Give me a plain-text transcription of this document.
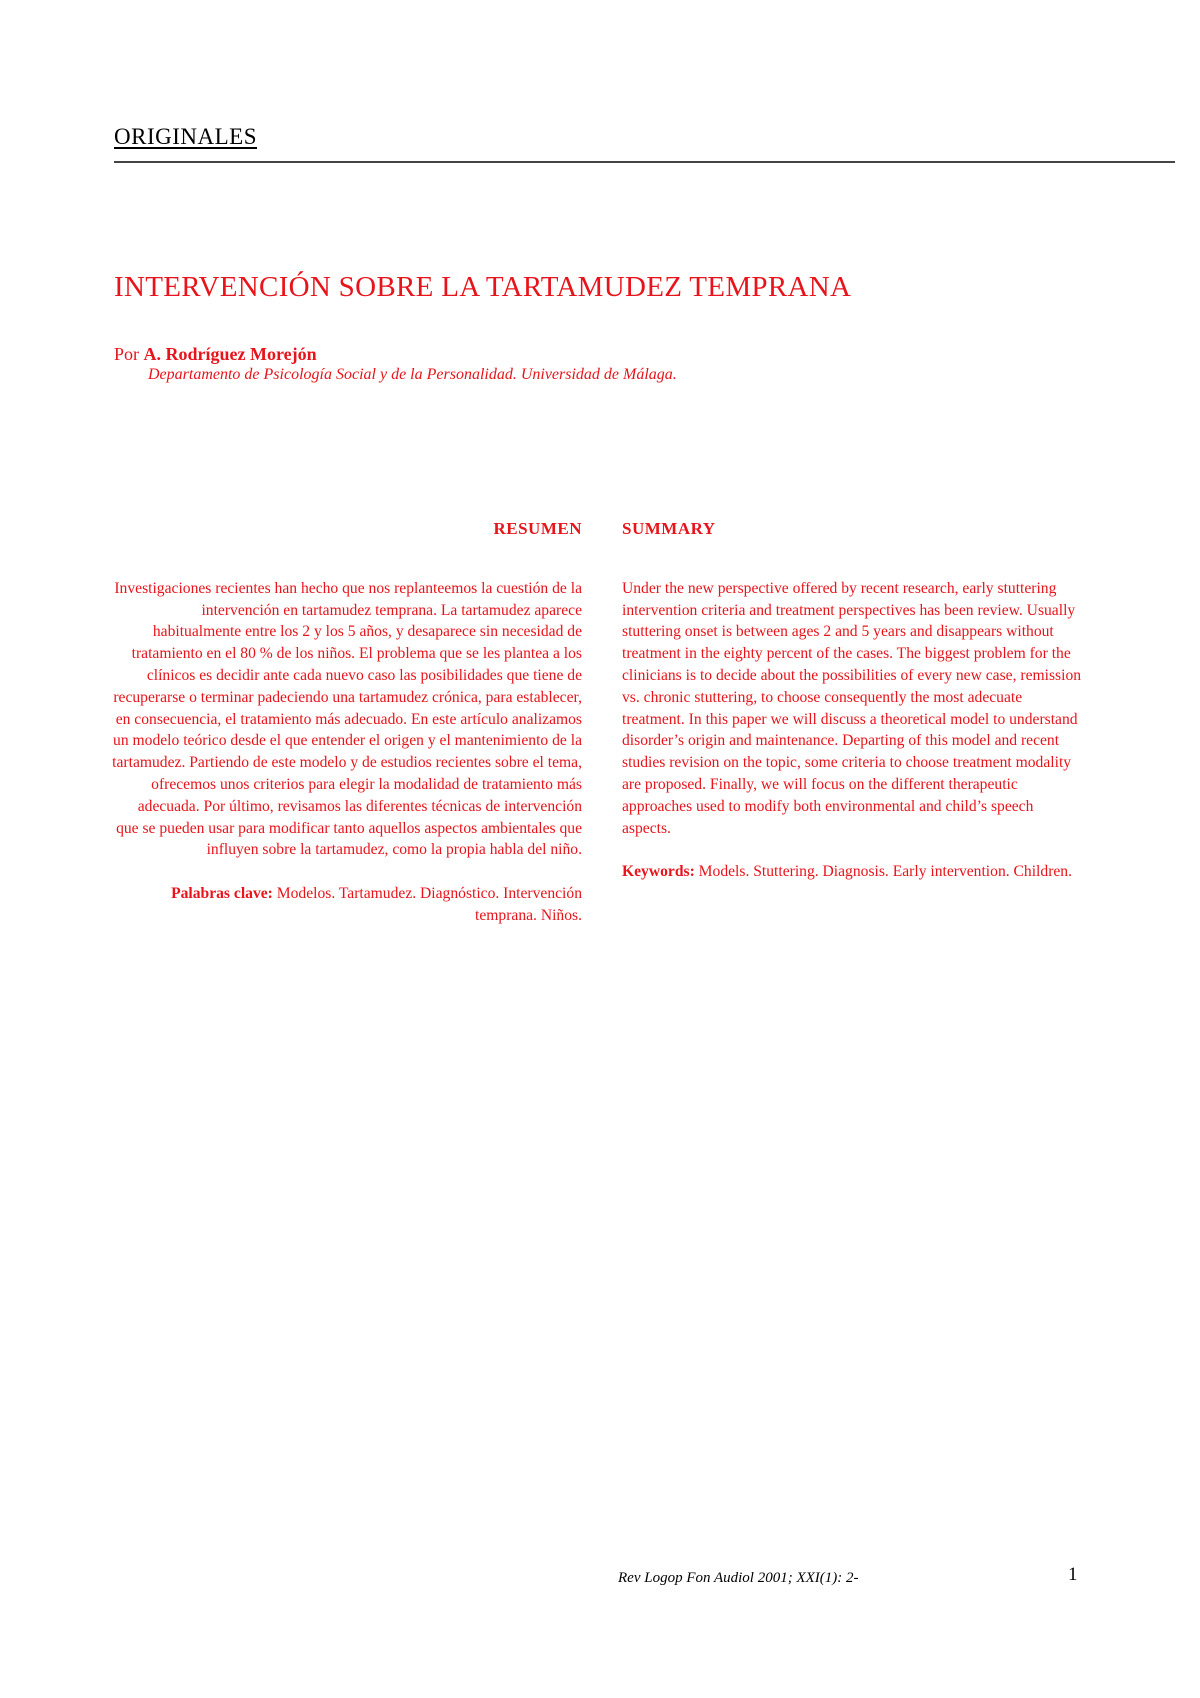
ORIGINALES
INTERVENCIÓN SOBRE LA TARTAMUDEZ TEMPRANA
Por A. Rodríguez Morejón
Departamento de Psicología Social y de la Personalidad. Universidad de Málaga.
RESUMEN

Investigaciones recientes han hecho que nos replanteemos la cuestión de la intervención en tartamudez temprana. La tartamudez aparece habitualmente entre los 2 y los 5 años, y desaparece sin necesidad de tratamiento en el 80 % de los niños. El problema que se les plantea a los clínicos es decidir ante cada nuevo caso las posibilidades que tiene de recuperarse o terminar padeciendo una tartamudez crónica, para establecer, en consecuencia, el tratamiento más adecuado. En este artículo analizamos un modelo teórico desde el que entender el origen y el mantenimiento de la tartamudez. Partiendo de este modelo y de estudios recientes sobre el tema, ofrecemos unos criterios para elegir la modalidad de tratamiento más adecuada. Por último, revisamos las diferentes técnicas de intervención que se pueden usar para modificar tanto aquellos aspectos ambientales que influyen sobre la tartamudez, como la propia habla del niño.

Palabras clave: Modelos. Tartamudez. Diagnóstico. Intervención temprana. Niños.

SUMMARY

Under the new perspective offered by recent research, early stuttering intervention criteria and treatment perspectives has been review. Usually stuttering onset is between ages 2 and 5 years and disappears without treatment in the eighty percent of the cases. The biggest problem for the clinicians is to decide about the possibilities of every new case, remission vs. chronic stuttering, to choose consequently the most adecuate treatment. In this paper we will discuss a theoretical model to understand disorder’s origin and maintenance. Departing of this model and recent studies revision on the topic, some criteria to choose treatment modality are proposed. Finally, we will focus on the different therapeutic approaches used to modify both environmental and child’s speech aspects.

Keywords: Models. Stuttering. Diagnosis. Early intervention. Children.

Rev Logop Fon Audiol 2001; XXI(1): 2-	1
